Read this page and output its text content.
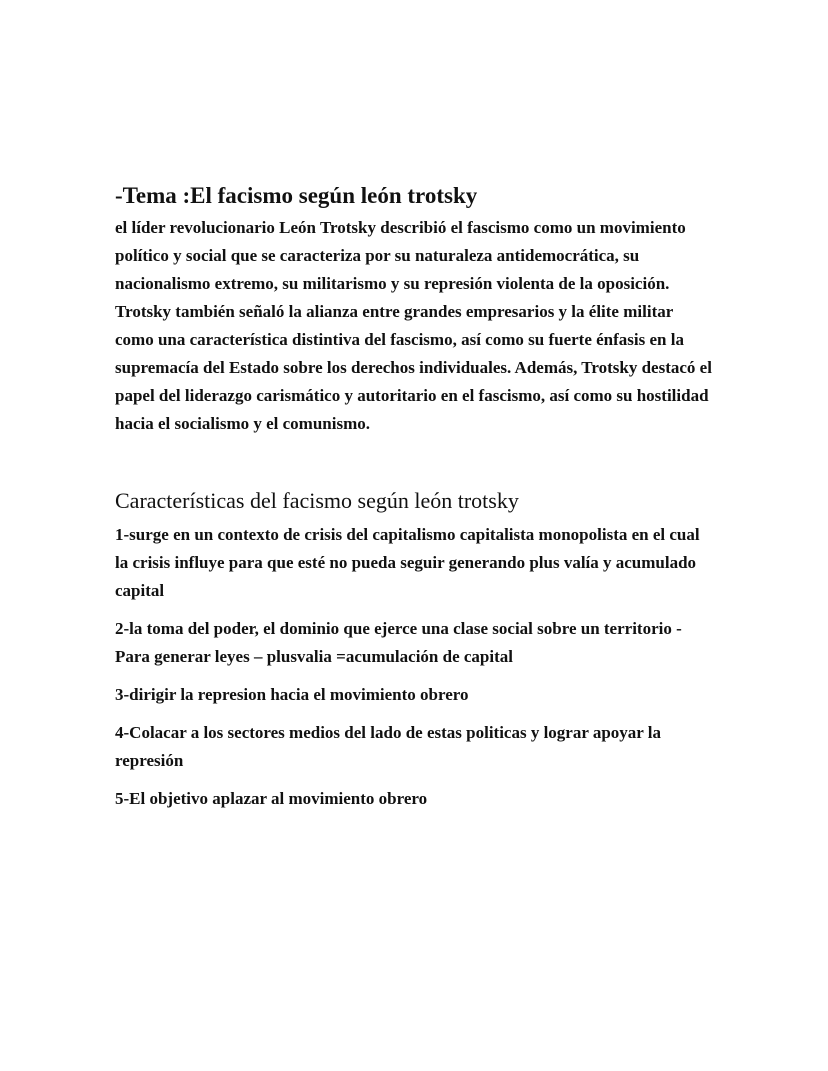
-Tema :El facismo según león trotsky

el líder revolucionario León Trotsky describió el fascismo como un movimiento político y social que se caracteriza por su naturaleza antidemocrática, su nacionalismo extremo, su militarismo y su represión violenta de la oposición. Trotsky también señaló la alianza entre grandes empresarios y la élite militar como una característica distintiva del fascismo, así como su fuerte énfasis en la supremacía del Estado sobre los derechos individuales. Además, Trotsky destacó el papel del liderazgo carismático y autoritario en el fascismo, así como su hostilidad hacia el socialismo y el comunismo.

Características del facismo según león trotsky

1-surge en un contexto de crisis del capitalismo capitalista monopolista en el cual la crisis influye para que esté no pueda seguir generando plus valía y acumulado capital

2-la toma del poder, el dominio que ejerce una clase social sobre un territorio -Para generar leyes – plusvalia =acumulación de capital

3-dirigir la represion hacia el movimiento obrero

4-Colacar a los sectores medios del lado de estas politicas y lograr apoyar la represión

5-El objetivo aplazar al movimiento obrero
